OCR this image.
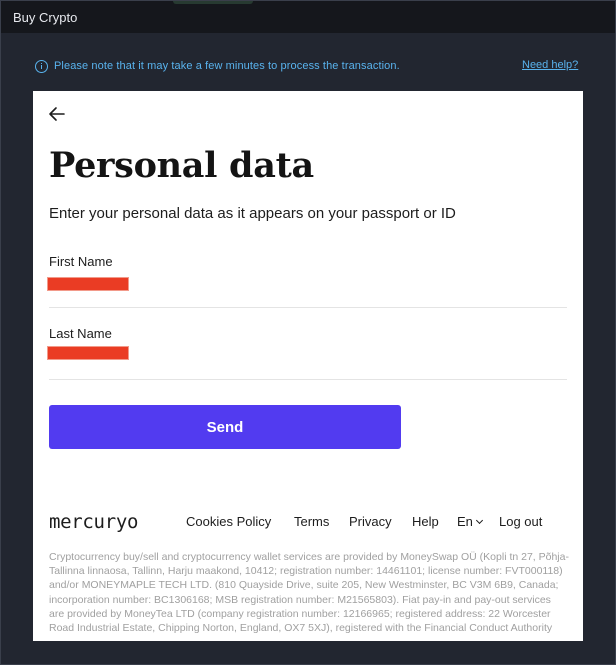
Buy Crypto
Please note that it may take a few minutes to process the transaction.	Need help?
Personal data

Enter your personal data as it appears on your passport or ID

First Name
Last Name
Send
mercuryo	Cookies Policy Terms Privacy Help En	Log out

Cryptocurrency buy/sell and cryptocurrency wallet services are provided by MoneySwap OÜ (Kopli tn 27, Põhja-Tallinna linnaosa, Tallinn, Harju maakond, 10412; registration number: 14461101; license number: FVT000118) and/or MONEYMAPLE TECH LTD. (810 Quayside Drive, suite 205, New Westminster, BC V3M 6B9, Canada; incorporation number: BC1306168; MSB registration number: M21565803). Fiat pay-in and pay-out services are provided by MoneyTea LTD (company registration number: 12166965; registered address: 22 Worcester Road Industrial Estate, Chipping Norton, England, OX7 5XJ), registered with the Financial Conduct Authority
